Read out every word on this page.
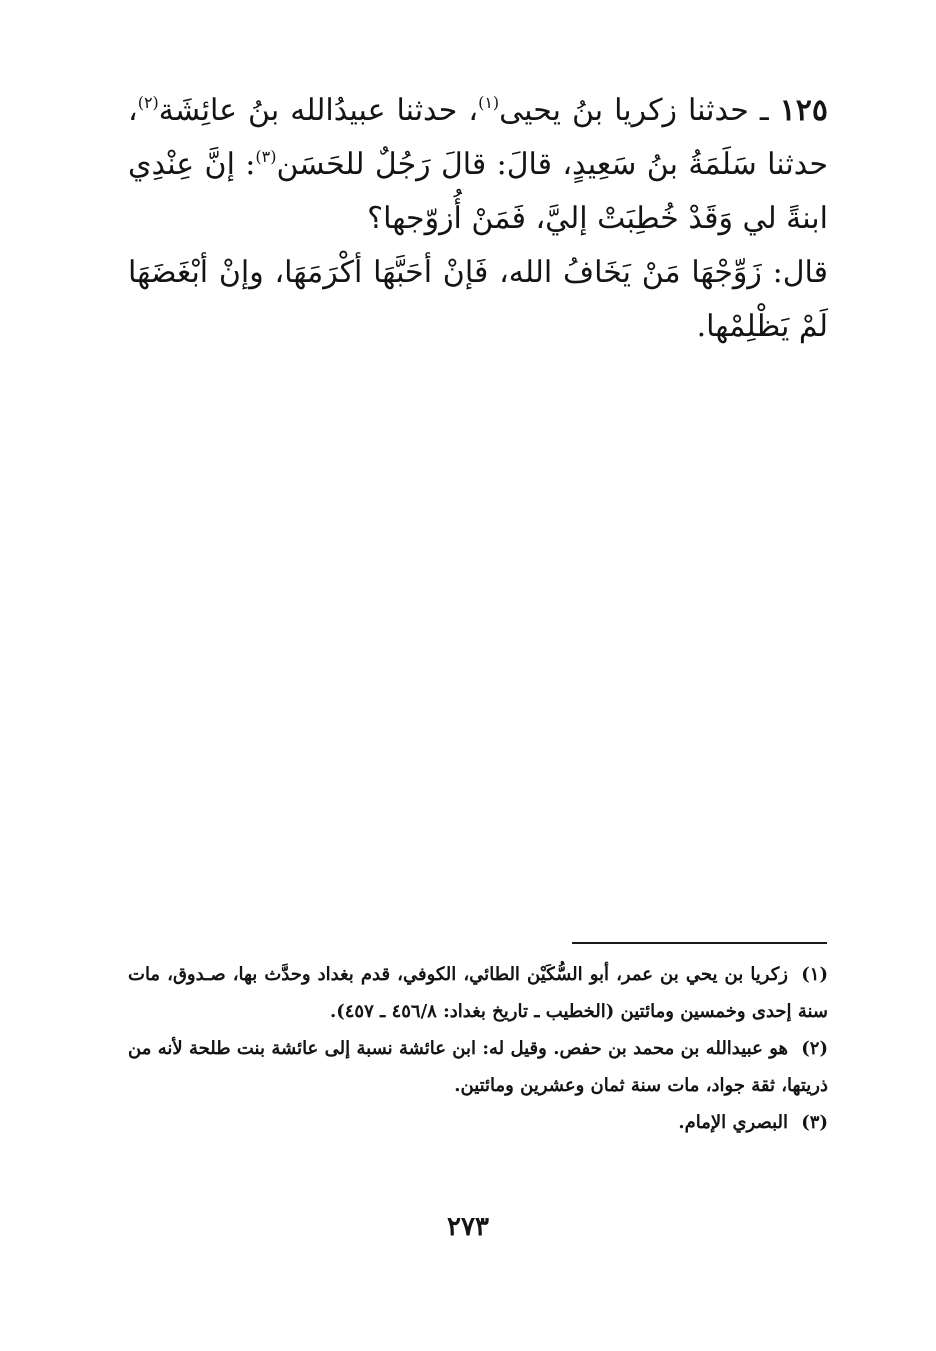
١٢٥ ـ حدثنا زكريا بنُ يحيى$^{(١)}$، حدثنا عبيدُالله بنُ عائِشَة$^{(٢)}$، حدثنا سَلَمَةُ بنُ سَعِيدٍ، قالَ: قالَ رَجُلٌ للحَسَن$^{(٣)}$: إنَّ عِنْدِي ابنةً لي وَقَدْ خُطِبَتْ إليَّ، فَمَنْ أُزوّجها؟

قال: زَوِّجْهَا مَنْ يَخَافُ الله، فَإنْ أحَبَّهَا أكْرَمَهَا، وإنْ أبْغَضَهَا لَمْ يَظْلِمْها.

(١)زكريا بن يحي بن عمر، أبو السُّكَيْن الطائي، الكوفي، قدم بغداد وحدَّث بها، صـدوق، مات سنة إحدى وخمسين ومائتين (الخطيب ـ تاريخ بغداد: ٤٥٦/٨ ـ ٤٥٧).

(٢)هو عبيدالله بن محمد بن حفص. وقيل له: ابن عائشة نسبة إلى عائشة بنت طلحة لأنه من ذريتها، ثقة جواد، مات سنة ثمان وعشرين ومائتين.

(٣)البصري الإمام.

٢٧٣
